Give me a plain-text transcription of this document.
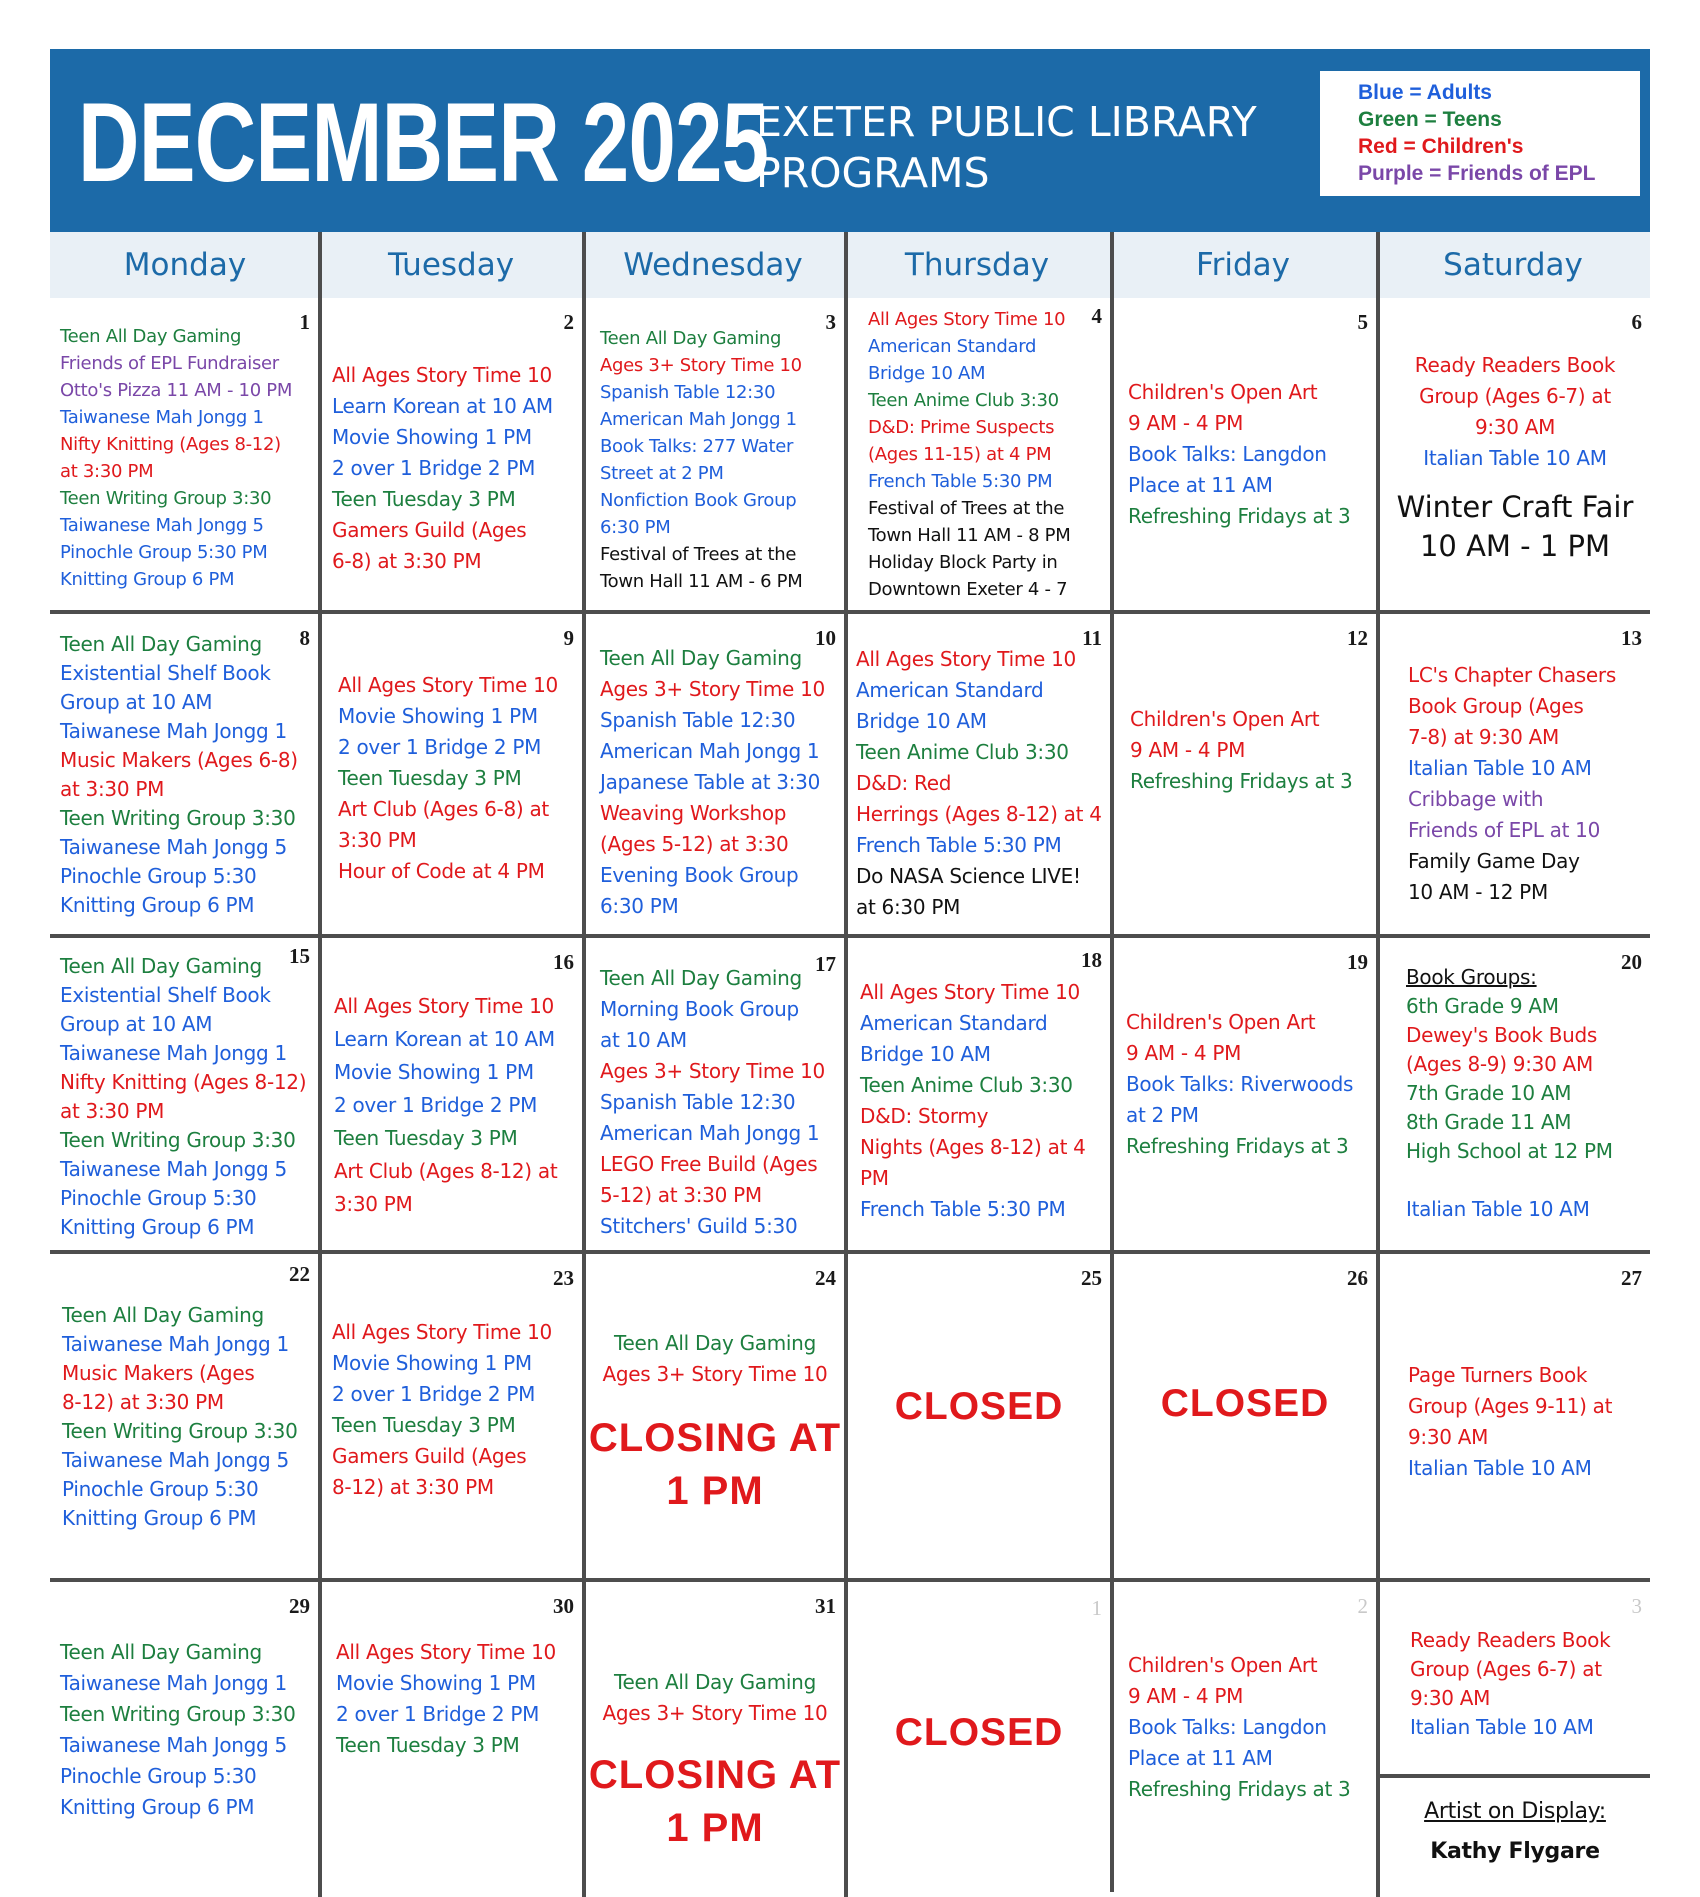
DECEMBER 2025
EXETER PUBLIC LIBRARY
PROGRAMS
Blue = Adults
Green = Teens
Red = Children's
Purple = Friends of EPL
Monday	Tuesday	Wednesday	Thursday	Friday	Saturday
1
Teen All Day Gaming
Friends of EPL Fundraiser
Otto's Pizza 11 AM - 10 PM
Taiwanese Mah Jongg 1
Nifty Knitting (Ages 8-12)
at 3:30 PM
Teen Writing Group 3:30
Taiwanese Mah Jongg 5
Pinochle Group 5:30 PM
Knitting Group 6 PM
2
All Ages Story Time 10
Learn Korean at 10 AM
Movie Showing 1 PM
2 over 1 Bridge 2 PM
Teen Tuesday 3 PM
Gamers Guild (Ages
6-8) at 3:30 PM
3
Teen All Day Gaming
Ages 3+ Story Time 10
Spanish Table 12:30
American Mah Jongg 1
Book Talks: 277 Water
Street at 2 PM
Nonfiction Book Group
6:30 PM
Festival of Trees at the
Town Hall 11 AM - 6 PM
4
All Ages Story Time 10
American Standard
Bridge 10 AM
Teen Anime Club 3:30
D&D: Prime Suspects
(Ages 11-15) at 4 PM
French Table 5:30 PM
Festival of Trees at the
Town Hall 11 AM - 8 PM
Holiday Block Party in
Downtown Exeter 4 - 7
5
Children's Open Art
9 AM - 4 PM
Book Talks: Langdon
Place at 11 AM
Refreshing Fridays at 3
6
Ready Readers Book
Group (Ages 6-7) at
9:30 AM
Italian Table 10 AM
Winter Craft Fair
10 AM - 1 PM
8
Teen All Day Gaming
Existential Shelf Book
Group at 10 AM
Taiwanese Mah Jongg 1
Music Makers (Ages 6-8)
at 3:30 PM
Teen Writing Group 3:30
Taiwanese Mah Jongg 5
Pinochle Group 5:30
Knitting Group 6 PM
9
All Ages Story Time 10
Movie Showing 1 PM
2 over 1 Bridge 2 PM
Teen Tuesday 3 PM
Art Club (Ages 6-8) at
3:30 PM
Hour of Code at 4 PM
10
Teen All Day Gaming
Ages 3+ Story Time 10
Spanish Table 12:30
American Mah Jongg 1
Japanese Table at 3:30
Weaving Workshop
(Ages 5-12) at 3:30
Evening Book Group
6:30 PM
11
All Ages Story Time 10
American Standard
Bridge 10 AM
Teen Anime Club 3:30
D&D: Red
Herrings (Ages 8-12) at 4
French Table 5:30 PM
Do NASA Science LIVE!
at 6:30 PM
12
Children's Open Art
9 AM - 4 PM
Refreshing Fridays at 3
13
LC's Chapter Chasers
Book Group (Ages
7-8) at 9:30 AM
Italian Table 10 AM
Cribbage with
Friends of EPL at 10
Family Game Day
10 AM - 12 PM
15
Teen All Day Gaming
Existential Shelf Book
Group at 10 AM
Taiwanese Mah Jongg 1
Nifty Knitting (Ages 8-12)
at 3:30 PM
Teen Writing Group 3:30
Taiwanese Mah Jongg 5
Pinochle Group 5:30
Knitting Group 6 PM
16
All Ages Story Time 10
Learn Korean at 10 AM
Movie Showing 1 PM
2 over 1 Bridge 2 PM
Teen Tuesday 3 PM
Art Club (Ages 8-12) at
3:30 PM
17
Teen All Day Gaming
Morning Book Group
at 10 AM
Ages 3+ Story Time 10
Spanish Table 12:30
American Mah Jongg 1
LEGO Free Build (Ages
5-12) at 3:30 PM
Stitchers' Guild 5:30
18
All Ages Story Time 10
American Standard
Bridge 10 AM
Teen Anime Club 3:30
D&D: Stormy
Nights (Ages 8-12) at 4
PM
French Table 5:30 PM
19
Children's Open Art
9 AM - 4 PM
Book Talks: Riverwoods
at 2 PM
Refreshing Fridays at 3
20
Book Groups:
6th Grade 9 AM
Dewey's Book Buds
(Ages 8-9) 9:30 AM
7th Grade 10 AM
8th Grade 11 AM
High School at 12 PM
Italian Table 10 AM
22
Teen All Day Gaming
Taiwanese Mah Jongg 1
Music Makers (Ages
8-12) at 3:30 PM
Teen Writing Group 3:30
Taiwanese Mah Jongg 5
Pinochle Group 5:30
Knitting Group 6 PM
23
All Ages Story Time 10
Movie Showing 1 PM
2 over 1 Bridge 2 PM
Teen Tuesday 3 PM
Gamers Guild (Ages
8-12) at 3:30 PM
24
Teen All Day Gaming
Ages 3+ Story Time 10
CLOSING AT
1 PM
25
CLOSED
26
CLOSED
27
Page Turners Book
Group (Ages 9-11) at
9:30 AM
Italian Table 10 AM
29
Teen All Day Gaming
Taiwanese Mah Jongg 1
Teen Writing Group 3:30
Taiwanese Mah Jongg 5
Pinochle Group 5:30
Knitting Group 6 PM
30
All Ages Story Time 10
Movie Showing 1 PM
2 over 1 Bridge 2 PM
Teen Tuesday 3 PM
31
Teen All Day Gaming
Ages 3+ Story Time 10
CLOSING AT
1 PM
1
CLOSED
2
Children's Open Art
9 AM - 4 PM
Book Talks: Langdon
Place at 11 AM
Refreshing Fridays at 3
3
Ready Readers Book
Group (Ages 6-7) at
9:30 AM
Italian Table 10 AM
Artist on Display:
Kathy Flygare
